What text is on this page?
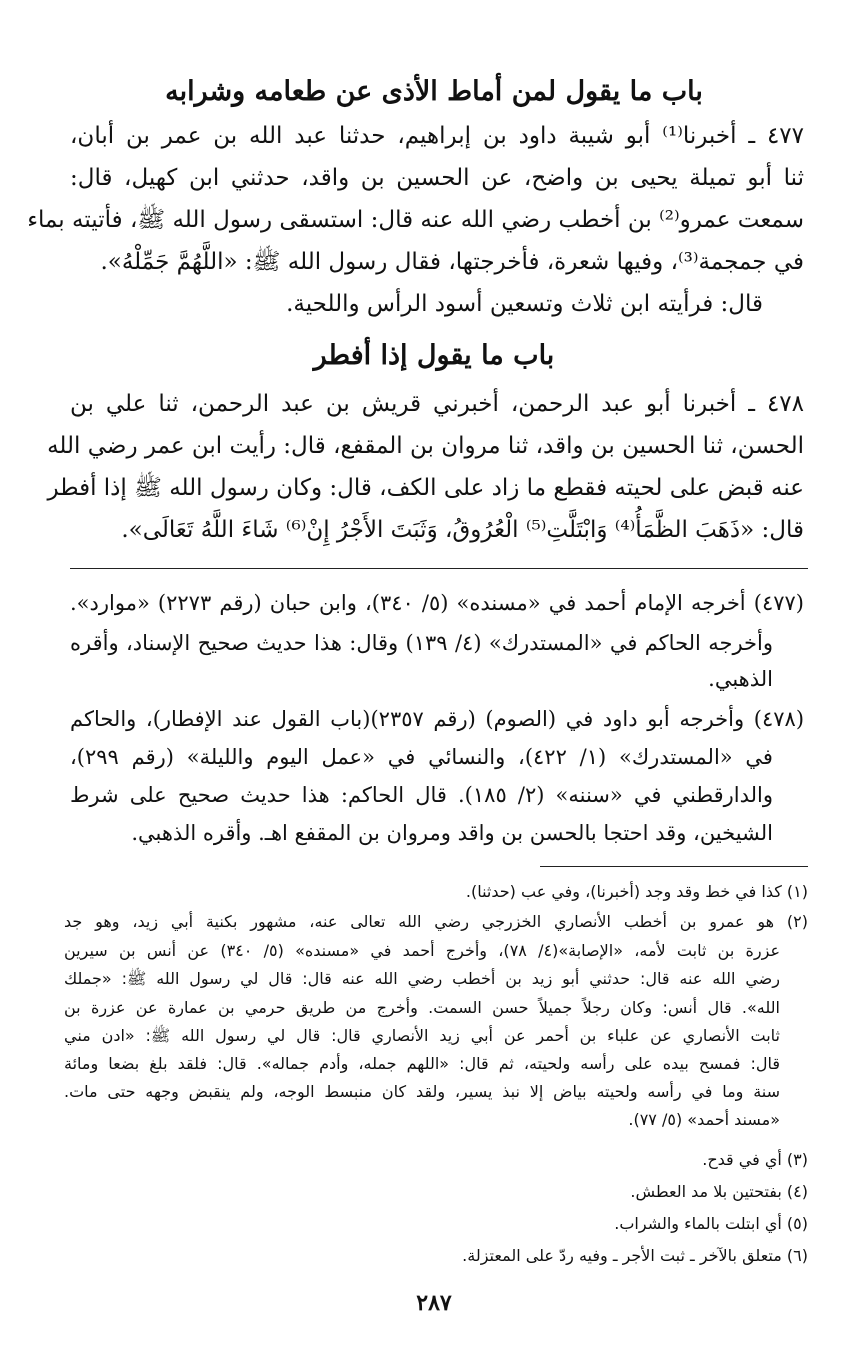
باب ما يقول لمن أماط الأذى عن طعامه وشرابه
٤٧٧ ـ أخبرنا⁽¹⁾ أبو شيبة داود بن إبراهيم، حدثنا عبد الله بن عمر بن أبان،
ثنا أبو تميلة يحيى بن واضح، عن الحسين بن واقد، حدثني ابن كهيل، قال:
سمعت عمرو⁽²⁾ بن أخطب رضي الله عنه قال: استسقى رسول الله ﷺ، فأتيته بماء
في جمجمة⁽³⁾، وفيها شعرة، فأخرجتها، فقال رسول الله ﷺ: «اللَّهُمَّ جَمِّلْهُ».
قال: فرأيته ابن ثلاث وتسعين أسود الرأس واللحية.
باب ما يقول إذا أفطر
٤٧٨ ـ أخبرنا أبو عبد الرحمن، أخبرني قريش بن عبد الرحمن، ثنا علي بن
الحسن، ثنا الحسين بن واقد، ثنا مروان بن المقفع، قال: رأيت ابن عمر رضي الله
عنه قبض على لحيته فقطع ما زاد على الكف، قال: وكان رسول الله ﷺ إذا أفطر
قال: «ذَهَبَ الظَّمَأُ⁽⁴⁾ وَابْتَلَّتِ⁽⁵⁾ الْعُرُوقُ، وَثَبَتَ الأَجْرُ إِنْ⁽⁶⁾ شَاءَ اللَّهُ تَعَالَى».
(٤٧٧) أخرجه الإمام أحمد في «مسنده» (٥/ ٣٤٠)، وابن حبان (رقم ٢٢٧٣) «موارد».
وأخرجه الحاكم في «المستدرك» (٤/ ١٣٩) وقال: هذا حديث صحيح الإسناد، وأقره
الذهبي.
(٤٧٨) وأخرجه أبو داود في (الصوم) (رقم ٢٣٥٧)(باب القول عند الإفطار)، والحاكم
في «المستدرك» (١/ ٤٢٢)، والنسائي في «عمل اليوم والليلة» (رقم ٢٩٩)،
والدارقطني في «سننه» (٢/ ١٨٥). قال الحاكم: هذا حديث صحيح على شرط
الشيخين، وقد احتجا بالحسن بن واقد ومروان بن المقفع اهـ. وأقره الذهبي.
(١) كذا في خط وقد وجد (أخبرنا)، وفي عب (حدثنا).
(٢) هو عمرو بن أخطب الأنصاري الخزرجي رضي الله تعالى عنه، مشهور بكنية أبي زيد، وهو جد
عزرة بن ثابت لأمه، «الإصابة»(٤/ ٧٨)، وأخرج أحمد في «مسنده» (٥/ ٣٤٠) عن أنس بن سيرين
رضي الله عنه قال: حدثني أبو زيد بن أخطب رضي الله عنه قال: قال لي رسول الله ﷺ: «جملك
الله». قال أنس: وكان رجلاً جميلاً حسن السمت. وأخرج من طريق حرمي بن عمارة عن عزرة بن
ثابت الأنصاري عن علباء بن أحمر عن أبي زيد الأنصاري قال: قال لي رسول الله ﷺ: «ادن مني
قال: فمسح بيده على رأسه ولحيته، ثم قال: «اللهم جمله، وأدم جماله». قال: فلقد بلغ بضعا ومائة
سنة وما في رأسه ولحيته بياض إلا نبذ يسير، ولقد كان منبسط الوجه، ولم ينقبض وجهه حتى مات.
«مسند أحمد» (٥/ ٧٧).
(٣) أي في قدح.
(٤) بفتحتين بلا مد العطش.
(٥) أي ابتلت بالماء والشراب.
(٦) متعلق بالآخر ـ ثبت الأجر ـ وفيه ردّ على المعتزلة.
٢٨٧
